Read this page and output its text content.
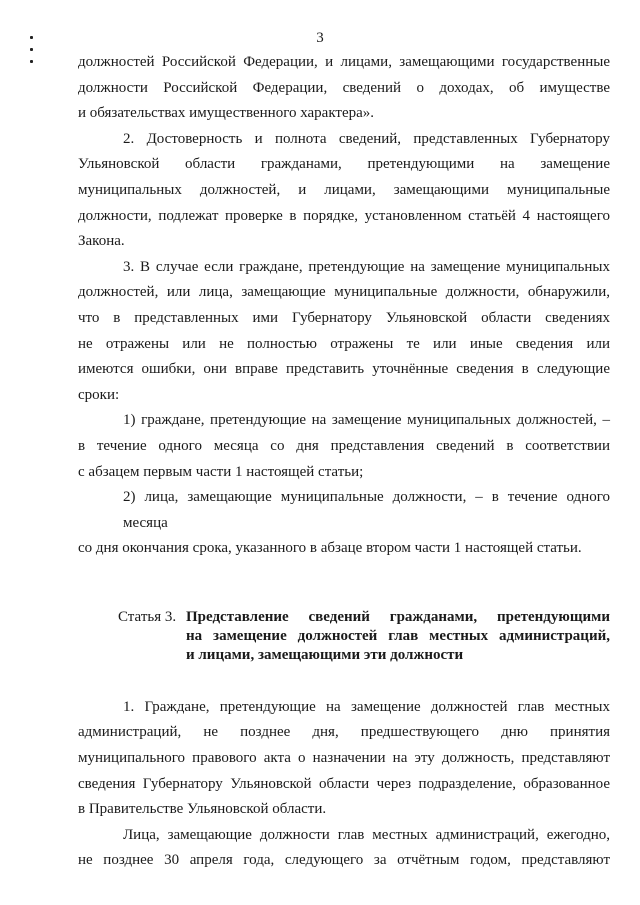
3

должностей Российской Федерации, и лицами, замещающими государственные
должности Российской Федерации, сведений о доходах, об имуществе
и обязательствах имущественного характера».

2. Достоверность и полнота сведений, представленных Губернатору
Ульяновской области гражданами, претендующими на замещение
муниципальных должностей, и лицами, замещающими муниципальные
должности, подлежат проверке в порядке, установленном статьёй 4 настоящего
Закона.

3. В случае если граждане, претендующие на замещение муниципальных
должностей, или лица, замещающие муниципальные должности, обнаружили,
что в представленных ими Губернатору Ульяновской области сведениях
не отражены или не полностью отражены те или иные сведения или
имеются ошибки, они вправе представить уточнённые сведения в следующие
сроки:

1) граждане, претендующие на замещение муниципальных должностей, –
в течение одного месяца со дня представления сведений в соответствии
с абзацем первым части 1 настоящей статьи;

2) лица, замещающие муниципальные должности, – в течение одного месяца
со дня окончания срока, указанного в абзаце втором части 1 настоящей статьи.

Статья 3. Представление сведений гражданами, претендующими
на замещение должностей глав местных администраций,
и лицами, замещающими эти должности

1. Граждане, претендующие на замещение должностей глав местных
администраций, не позднее дня, предшествующего дню принятия
муниципального правового акта о назначении на эту должность, представляют
сведения Губернатору Ульяновской области через подразделение, образованное
в Правительстве Ульяновской области.

Лица, замещающие должности глав местных администраций, ежегодно,
не позднее 30 апреля года, следующего за отчётным годом, представляют
